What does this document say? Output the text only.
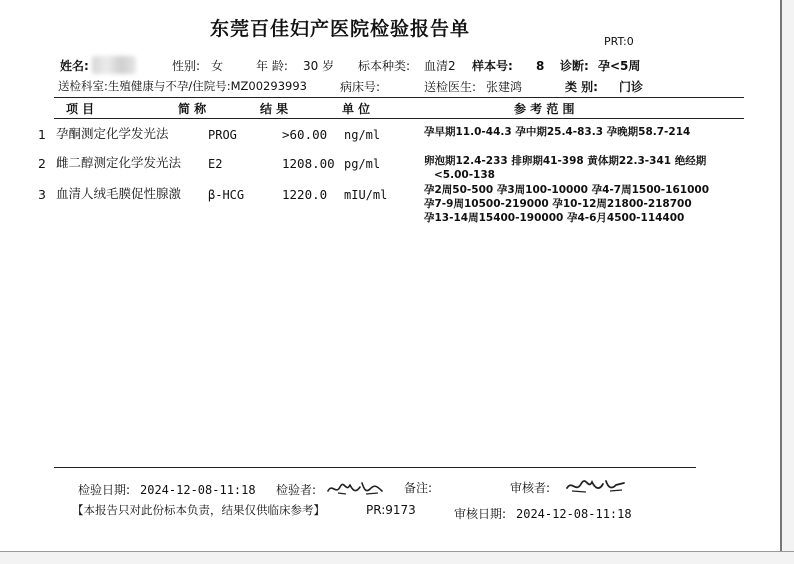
东莞百佳妇产医院检验报告单
PRT:0
姓名:	性别: 女	年 龄: 30 岁 标本种类: 血清2 样本号: 8 诊断: 孕<5周
送检科室:生殖健康与不孕/住院号:MZ00293993	病床号:	送检医生: 张建鸿	类 别: 门诊
项 目	简 称	结 果	单 位	参 考 范 围
1 孕酮测定化学发光法	PROG	>60.00 ng/ml	孕早期11.0-44.3 孕中期25.4-83.3 孕晚期58.7-214
2 雌二醇测定化学发光法 E2	1208.00 pg/ml	卵泡期12.4-233 排卵期41-398 黄体期22.3-341 绝经期
<5.00-138
3 血清人绒毛膜促性腺激 β-HCG	1220.0 mIU/ml	孕2周50-500 孕3周100-10000 孕4-7周1500-161000
孕7-9周10500-219000 孕10-12周21800-218700
孕13-14周15400-190000 孕4-6月4500-114400
检验日期: 2024-12-08-11:18 检验者:	备注:	审核者:
【本报告只对此份标本负责，结果仅供临床参考】	PR:9173	审核日期: 2024-12-08-11:18
